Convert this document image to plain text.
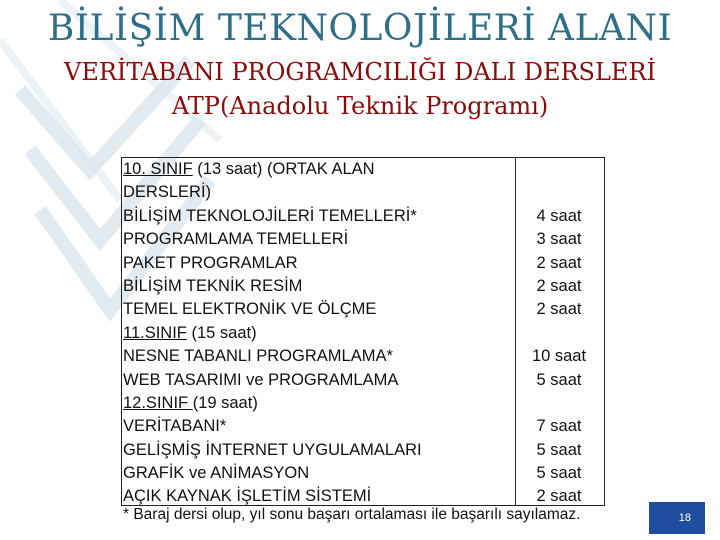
BİLİŞİM TEKNOLOJİLERİ ALANI
VERİTABANI PROGRAMCILIĞI DALI DERSLERİ
ATP(Anadolu Teknik Programı)
10. SINIF (13 saat) (ORTAK ALAN
DERSLERİ)
BİLİŞİM TEKNOLOJİLERİ TEMELLERİ*
PROGRAMLAMA TEMELLERİ
PAKET PROGRAMLAR
BİLİŞİM TEKNİK RESİM
TEMEL ELEKTRONİK VE ÖLÇME
11.SINIF (15 saat)
NESNE TABANLI PROGRAMLAMA*
WEB TASARIMI ve PROGRAMLAMA
12.SINIF (19 saat)
VERİTABANI*
GELİŞMİŞ İNTERNET UYGULAMALARI
GRAFİK ve ANİMASYON
AÇIK KAYNAK İŞLETİM SİSTEMİ
4 saat
3 saat
2 saat
2 saat
2 saat
10 saat
5 saat
7 saat
5 saat
5 saat
2 saat
* Baraj dersi olup, yıl sonu başarı ortalaması ile başarılı sayılamaz.	18
